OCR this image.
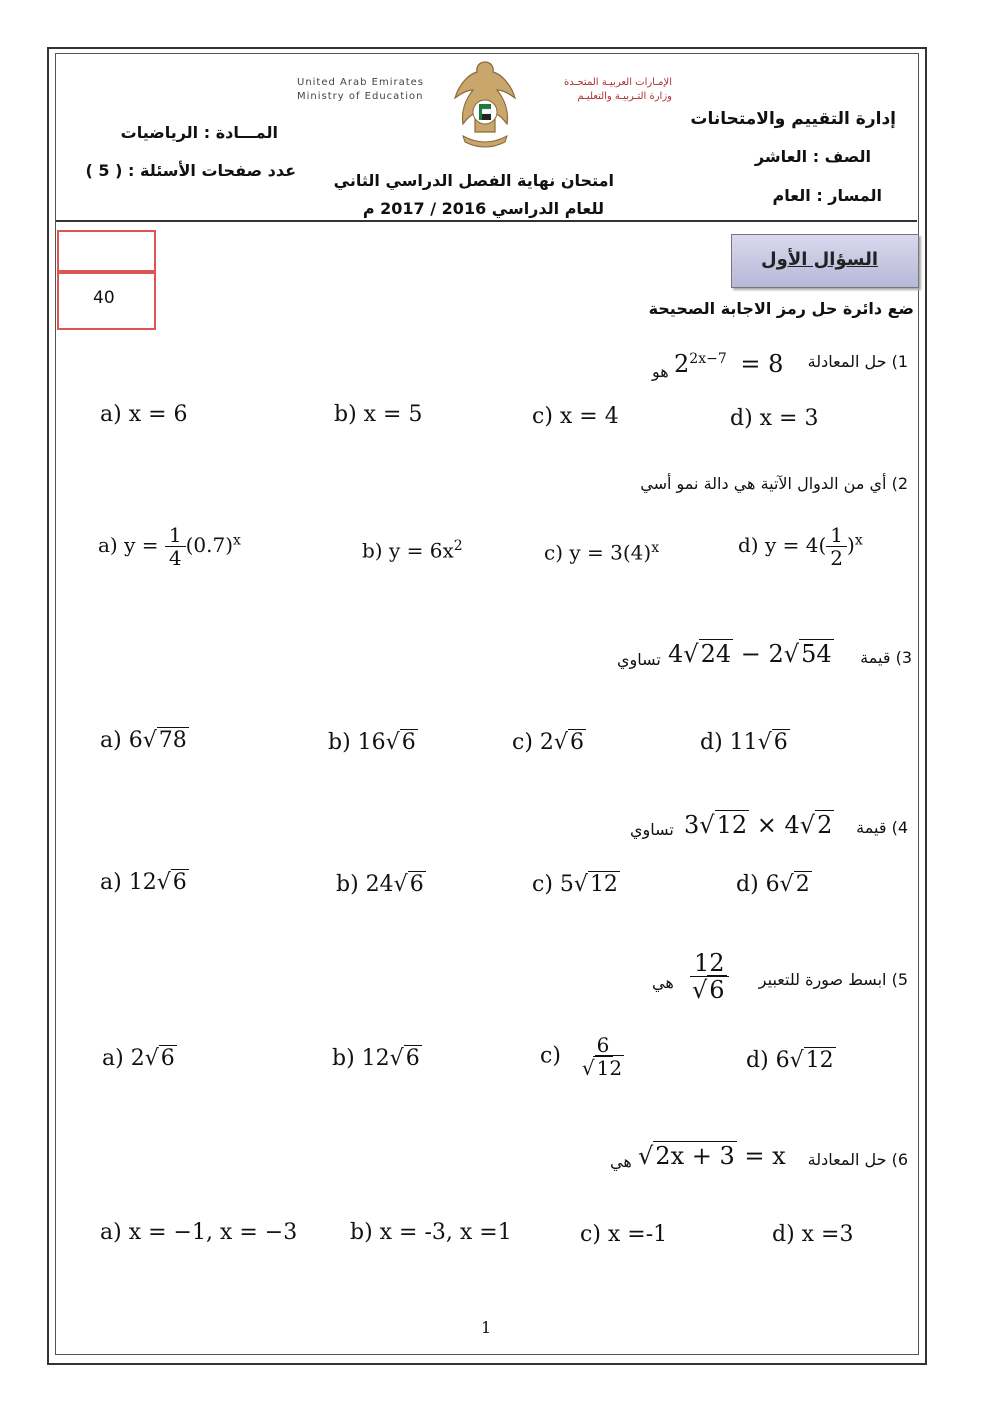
United Arab Emirates
Ministry of Education
الإمـارات العربيـة المتحـدة
وزارة التـربيـة والتعليـم
إدارة التقييم والامتحانات
الصف : العاشر
المسار : العام
المـــادة : الرياضيات
عدد صفحات الأسئلة : ( 5 )
امتحان نهاية الفصل الدراسي الثاني
للعام الدراسي 2016 / 2017 م
40
السؤال الأول
ضع دائرة حل رمز الاجابة الصحيحة
1) حل المعادلة
$2^{2x-7} = 8$
هو
a) x = 6	b) x = 5	c) x = 4	d) x = 3
2) أي من الدوال الآتية هي دالة نمو أسي
a) $y = \frac{1}{4} (0.7)^x$	b) $y = 6x^2$	c) $y = 3(4)^x$	d) $y = 4( \frac{1}{2} )^x$
3) قيمة
4√24 − 2√54
تساوي
a) 6√78	b) 16√6	c) 2√6	d) 11√6
4) قيمة
3√12 × 4√2
تساوي
a) 12√6	b) 24√6	c) 5√12	d) 6√2
5) ابسط صورة للتعبير
$\frac{12}{√6}$
هي
a) 2√6	b) 12√6	$c) \frac{6}{√ 12}$	d) 6√12
6) حل المعادلة
√2x + 3 = x
هي
a) x = −1, x = −3 b) x = -3, x =1	c) x =-1	d) x =3
1
